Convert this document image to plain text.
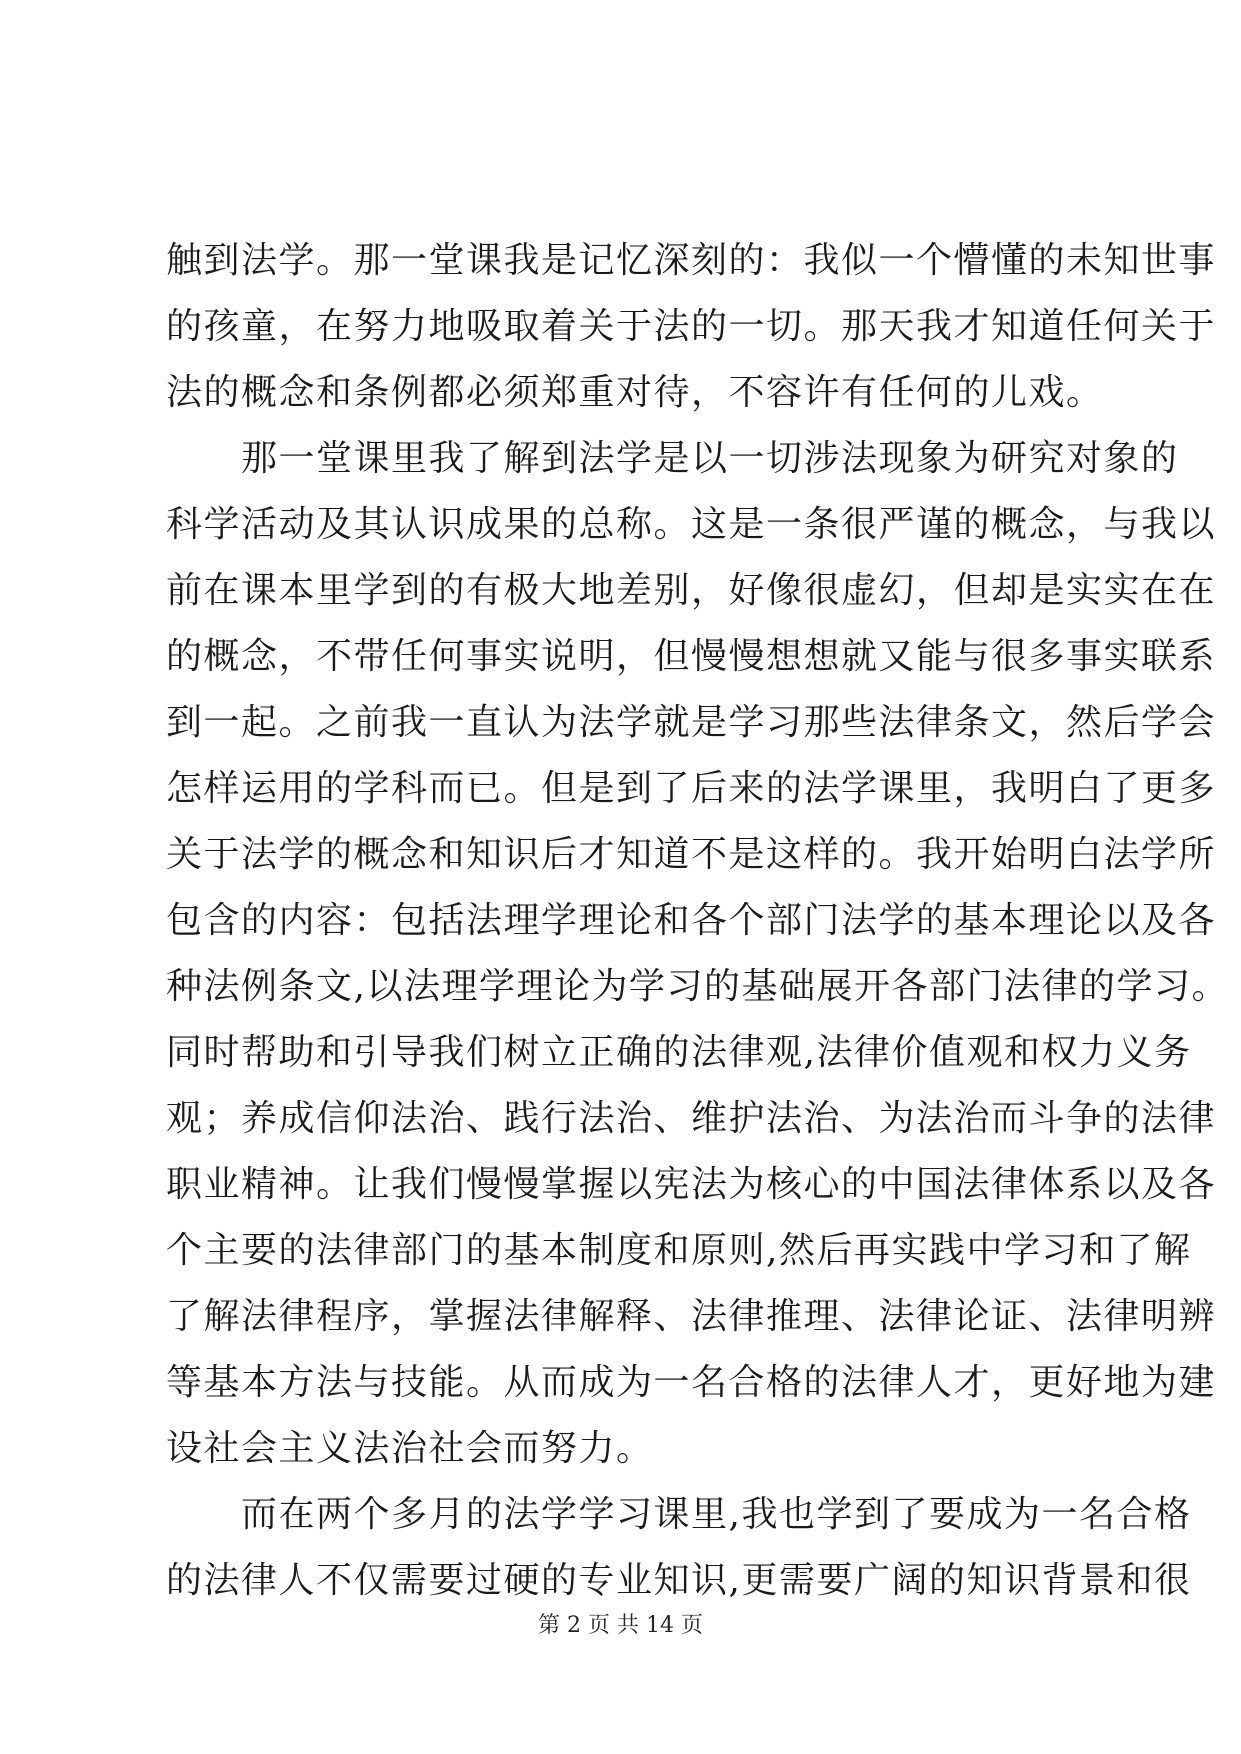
触到法学。那一堂课我是记忆深刻的：我似一个懵懂的未知世事
的孩童，在努力地吸取着关于法的一切。那天我才知道任何关于
法的概念和条例都必须郑重对待，不容许有任何的儿戏。
　　那一堂课里我了解到法学是以一切涉法现象为研究对象的
科学活动及其认识成果的总称。这是一条很严谨的概念，与我以
前在课本里学到的有极大地差别，好像很虚幻，但却是实实在在
的概念，不带任何事实说明，但慢慢想想就又能与很多事实联系
到一起。之前我一直认为法学就是学习那些法律条文，然后学会
怎样运用的学科而已。但是到了后来的法学课里，我明白了更多
关于法学的概念和知识后才知道不是这样的。我开始明白法学所
包含的内容：包括法理学理论和各个部门法学的基本理论以及各
种法例条文,以法理学理论为学习的基础展开各部门法律的学习。
同时帮助和引导我们树立正确的法律观,法律价值观和权力义务
观；养成信仰法治、践行法治、维护法治、为法治而斗争的法律
职业精神。让我们慢慢掌握以宪法为核心的中国法律体系以及各
个主要的法律部门的基本制度和原则,然后再实践中学习和了解
了解法律程序，掌握法律解释、法律推理、法律论证、法律明辨
等基本方法与技能。从而成为一名合格的法律人才，更好地为建
设社会主义法治社会而努力。
　　而在两个多月的法学学习课里,我也学到了要成为一名合格
的法律人不仅需要过硬的专业知识,更需要广阔的知识背景和很
第 2 页 共 14 页
